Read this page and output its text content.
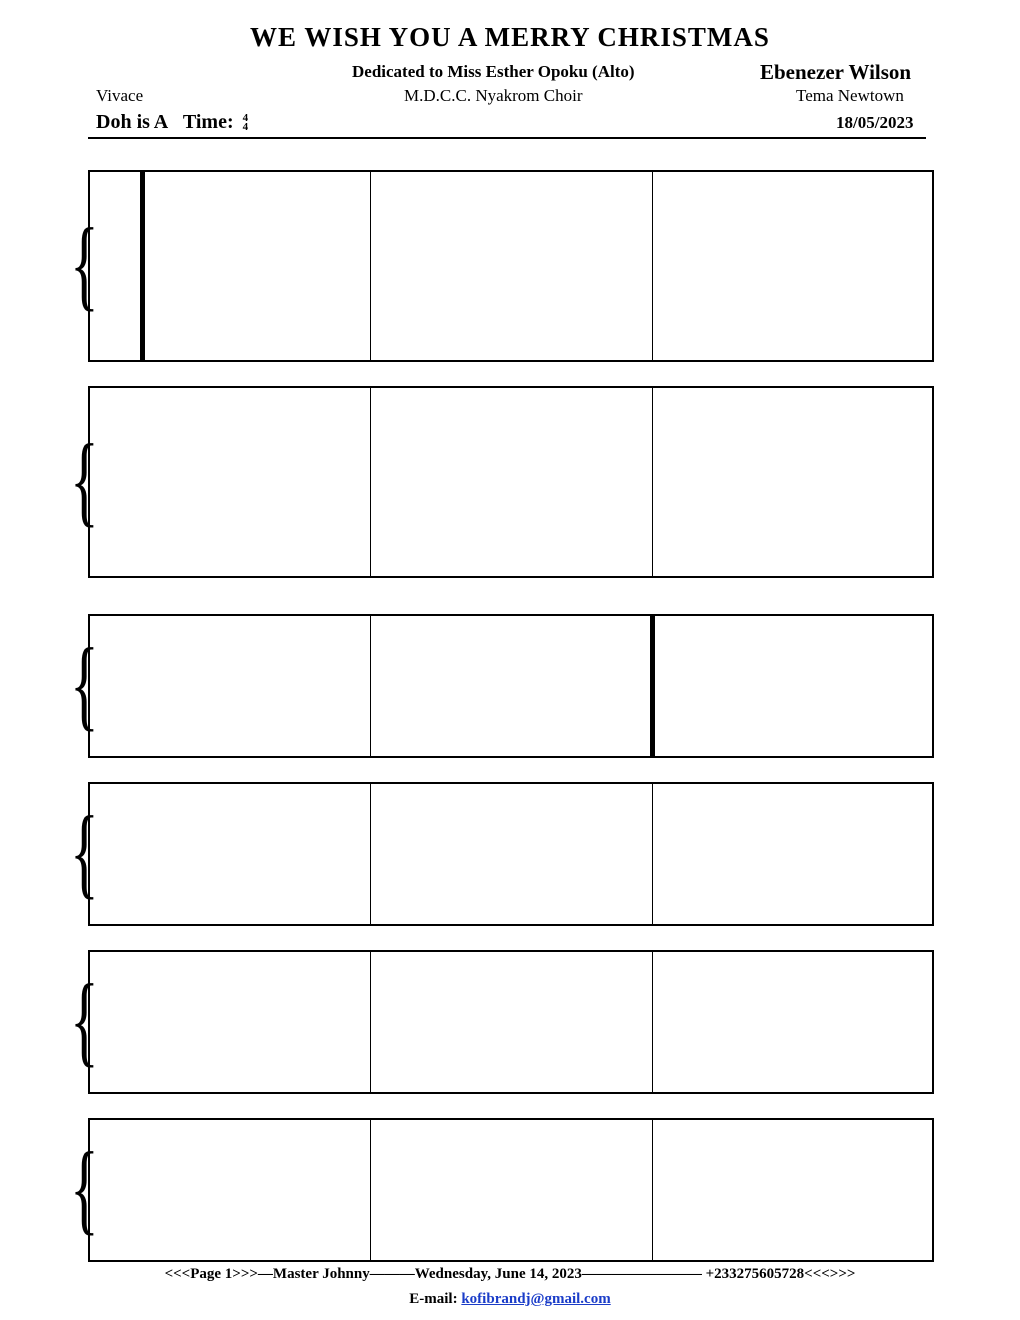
WE WISH YOU A MERRY CHRISTMAS
Dedicated to Miss Esther Opoku (Alto)	Ebenezer Wilson
Vivace	M.D.C.C. Nyakrom Choir	Tema Newtown
Doh is A Time: 4
4	18/05/2023
{
{
{
{
{
{
<<<Page 1>>>—Master Johnny———Wednesday, June 14, 2023———————— +233275605728<<<>>>
E-mail: kofibrandj@gmail.com
